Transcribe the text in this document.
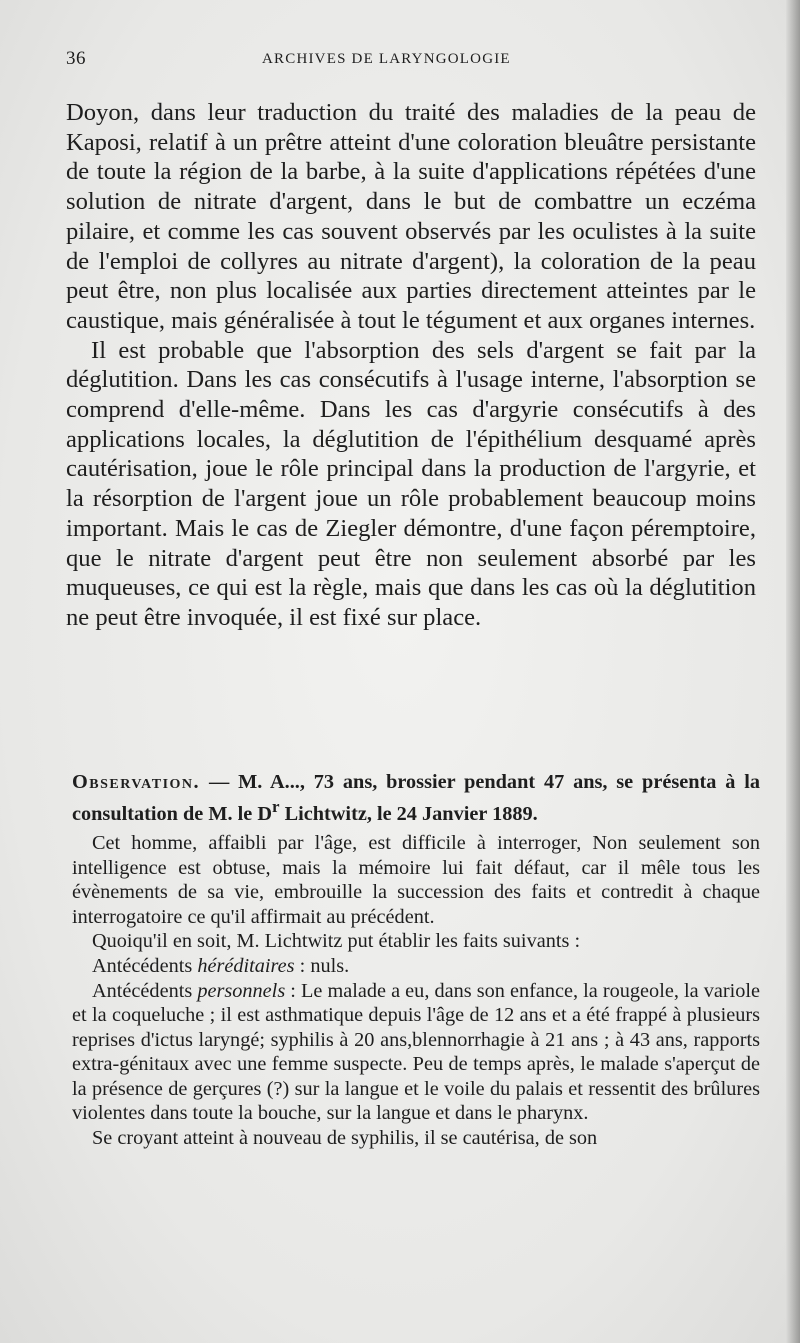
36	ARCHIVES DE LARYNGOLOGIE

Doyon, dans leur traduction du traité des maladies de la peau de Kaposi, relatif à un prêtre atteint d'une coloration bleuâtre persistante de toute la région de la barbe, à la suite d'applications répétées d'une solution de nitrate d'argent, dans le but de combattre un eczéma pilaire, et comme les cas souvent observés par les oculistes à la suite de l'emploi de collyres au nitrate d'argent), la coloration de la peau peut être, non plus localisée aux parties directement atteintes par le caustique, mais généralisée à tout le tégument et aux organes internes.

Il est probable que l'absorption des sels d'argent se fait par la déglutition. Dans les cas consécutifs à l'usage interne, l'absorption se comprend d'elle-même. Dans les cas d'argyrie consécutifs à des applications locales, la déglutition de l'épithélium desquamé après cautérisation, joue le rôle principal dans la production de l'argyrie, et la résorption de l'argent joue un rôle probablement beaucoup moins important. Mais le cas de Ziegler démontre, d'une façon péremptoire, que le nitrate d'argent peut être non seulement absorbé par les muqueuses, ce qui est la règle, mais que dans les cas où la déglutition ne peut être invoquée, il est fixé sur place.

Observation. — M. A..., 73 ans, brossier pendant 47 ans, se présenta à la consultation de M. le $D^r$ Lichtwitz, le 24 Janvier 1889.

Cet homme, affaibli par l'âge, est difficile à interroger, Non seulement son intelligence est obtuse, mais la mémoire lui fait défaut, car il mêle tous les évènements de sa vie, embrouille la succession des faits et contredit à chaque interrogatoire ce qu'il affirmait au précédent.

Quoiqu'il en soit, M. Lichtwitz put établir les faits suivants :

Antécédents héréditaires : nuls.

Antécédents personnels : Le malade a eu, dans son enfance, la rougeole, la variole et la coqueluche ; il est asthmatique depuis l'âge de 12 ans et a été frappé à plusieurs reprises d'ictus laryngé; syphilis à 20 ans,blennorrhagie à 21 ans ; à 43 ans, rapports extra-génitaux avec une femme suspecte. Peu de temps après, le malade s'aperçut de la présence de gerçures (?) sur la langue et le voile du palais et ressentit des brûlures violentes dans toute la bouche, sur la langue et dans le pharynx.

Se croyant atteint à nouveau de syphilis, il se cautérisa, de son
